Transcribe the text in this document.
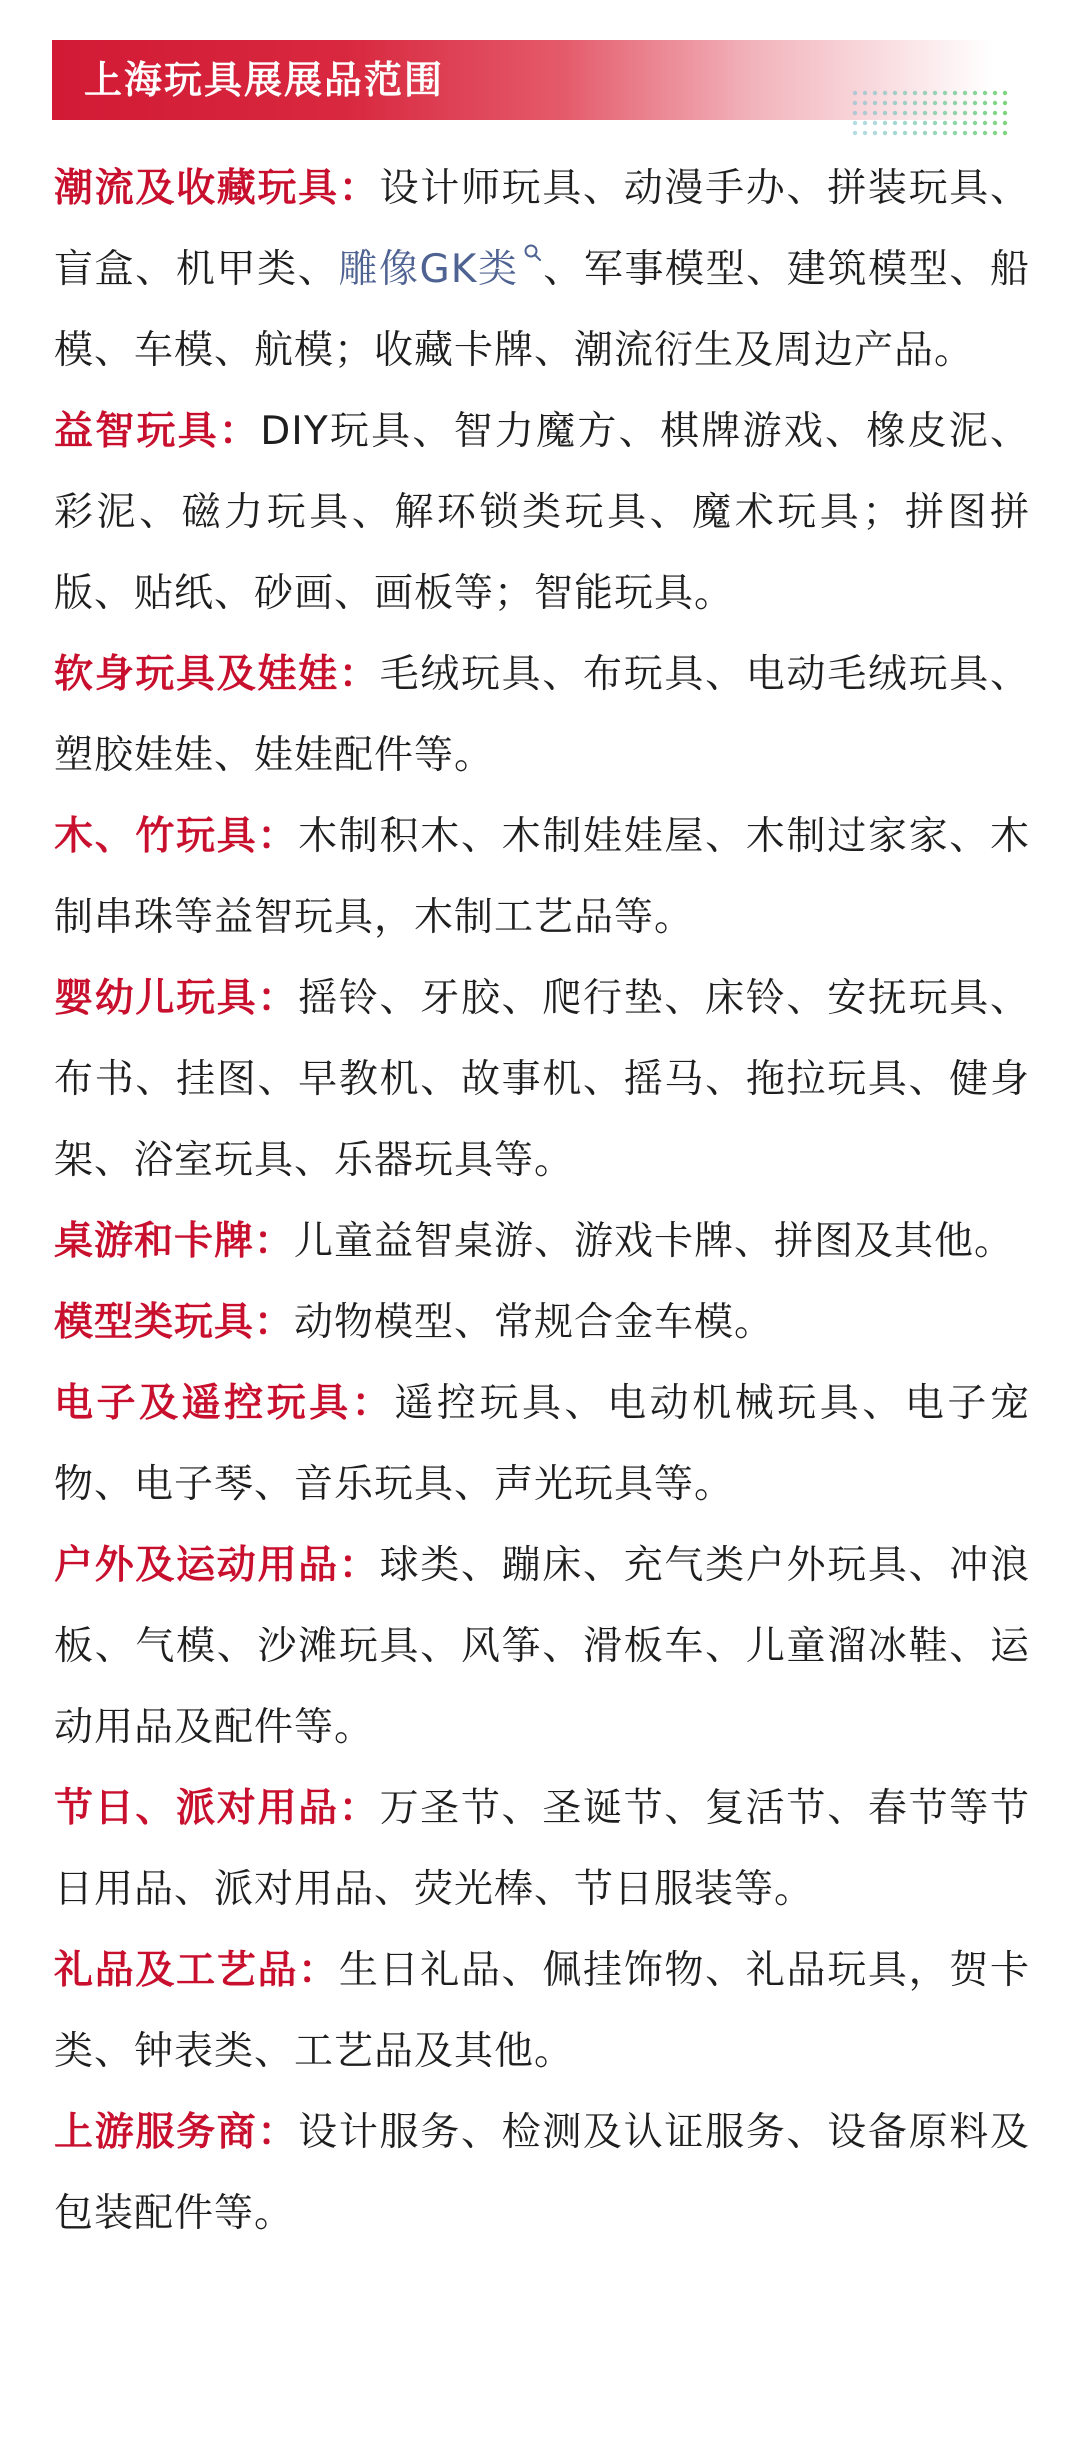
上海玩具展展品范围

潮流及收藏玩具：设计师玩具、动漫手办、拼装玩具、盲盒、机甲类、雕像GK类 、军事模型、建筑模型、船模、车模、航模；收藏卡牌、潮流衍生及周边产品。

益智玩具：DIY玩具、智力魔方、棋牌游戏、橡皮泥、彩泥、磁力玩具、解环锁类玩具、魔术玩具；拼图拼版、贴纸、砂画、画板等；智能玩具。

软身玩具及娃娃：毛绒玩具、布玩具、电动毛绒玩具、塑胶娃娃、娃娃配件等。

木、竹玩具：木制积木、木制娃娃屋、木制过家家、木制串珠等益智玩具，木制工艺品等。

婴幼儿玩具：摇铃、牙胶、爬行垫、床铃、安抚玩具、布书、挂图、早教机、故事机、摇马、拖拉玩具、健身架、浴室玩具、乐器玩具等。

桌游和卡牌：儿童益智桌游、游戏卡牌、拼图及其他。

模型类玩具：动物模型、常规合金车模。

电子及遥控玩具：遥控玩具、电动机械玩具、电子宠物、电子琴、音乐玩具、声光玩具等。

户外及运动用品：球类、蹦床、充气类户外玩具、冲浪板、气模、沙滩玩具、风筝、滑板车、儿童溜冰鞋、运动用品及配件等。

节日、派对用品：万圣节、圣诞节、复活节、春节等节日用品、派对用品、荧光棒、节日服装等。

礼品及工艺品：生日礼品、佩挂饰物、礼品玩具，贺卡类、钟表类、工艺品及其他。

上游服务商：设计服务、检测及认证服务、设备原料及包装配件等。
